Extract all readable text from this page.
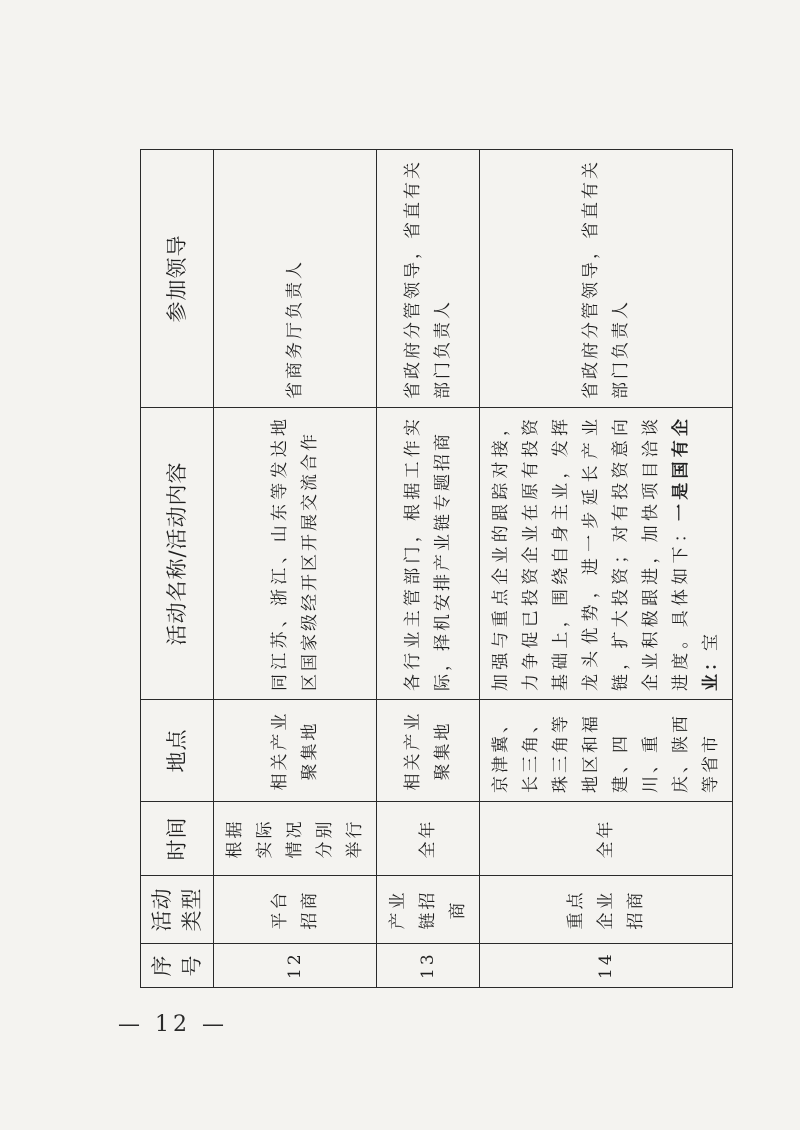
序号	活动类型	时间	地点	活动名称/活动内容	参加领导
12	平台招商	根据实际情况分别举行	相关产业聚集地	同江苏、浙江、山东等发达地区国家级经开区开展交流合作	省商务厅负责人
13	产业链招商	全年	相关产业聚集地	各行业主管部门，根据工作实际，择机安排产业链专题招商	省政府分管领导，省直有关部门负责人
14	重点企业招商	全年	京津冀、长三角、珠三角等地区和福建、四川、重庆、陕西等省市	加强与重点企业的跟踪对接，力争促已投资企业在原有投资基础上，围绕自身主业，发挥龙头优势，进一步延长产业链，扩大投资；对有投资意向企业积极跟进，加快项目洽谈进度。具体如下：一是国有企业：宝	省政府分管领导，省直有关部门负责人
— 12 —
